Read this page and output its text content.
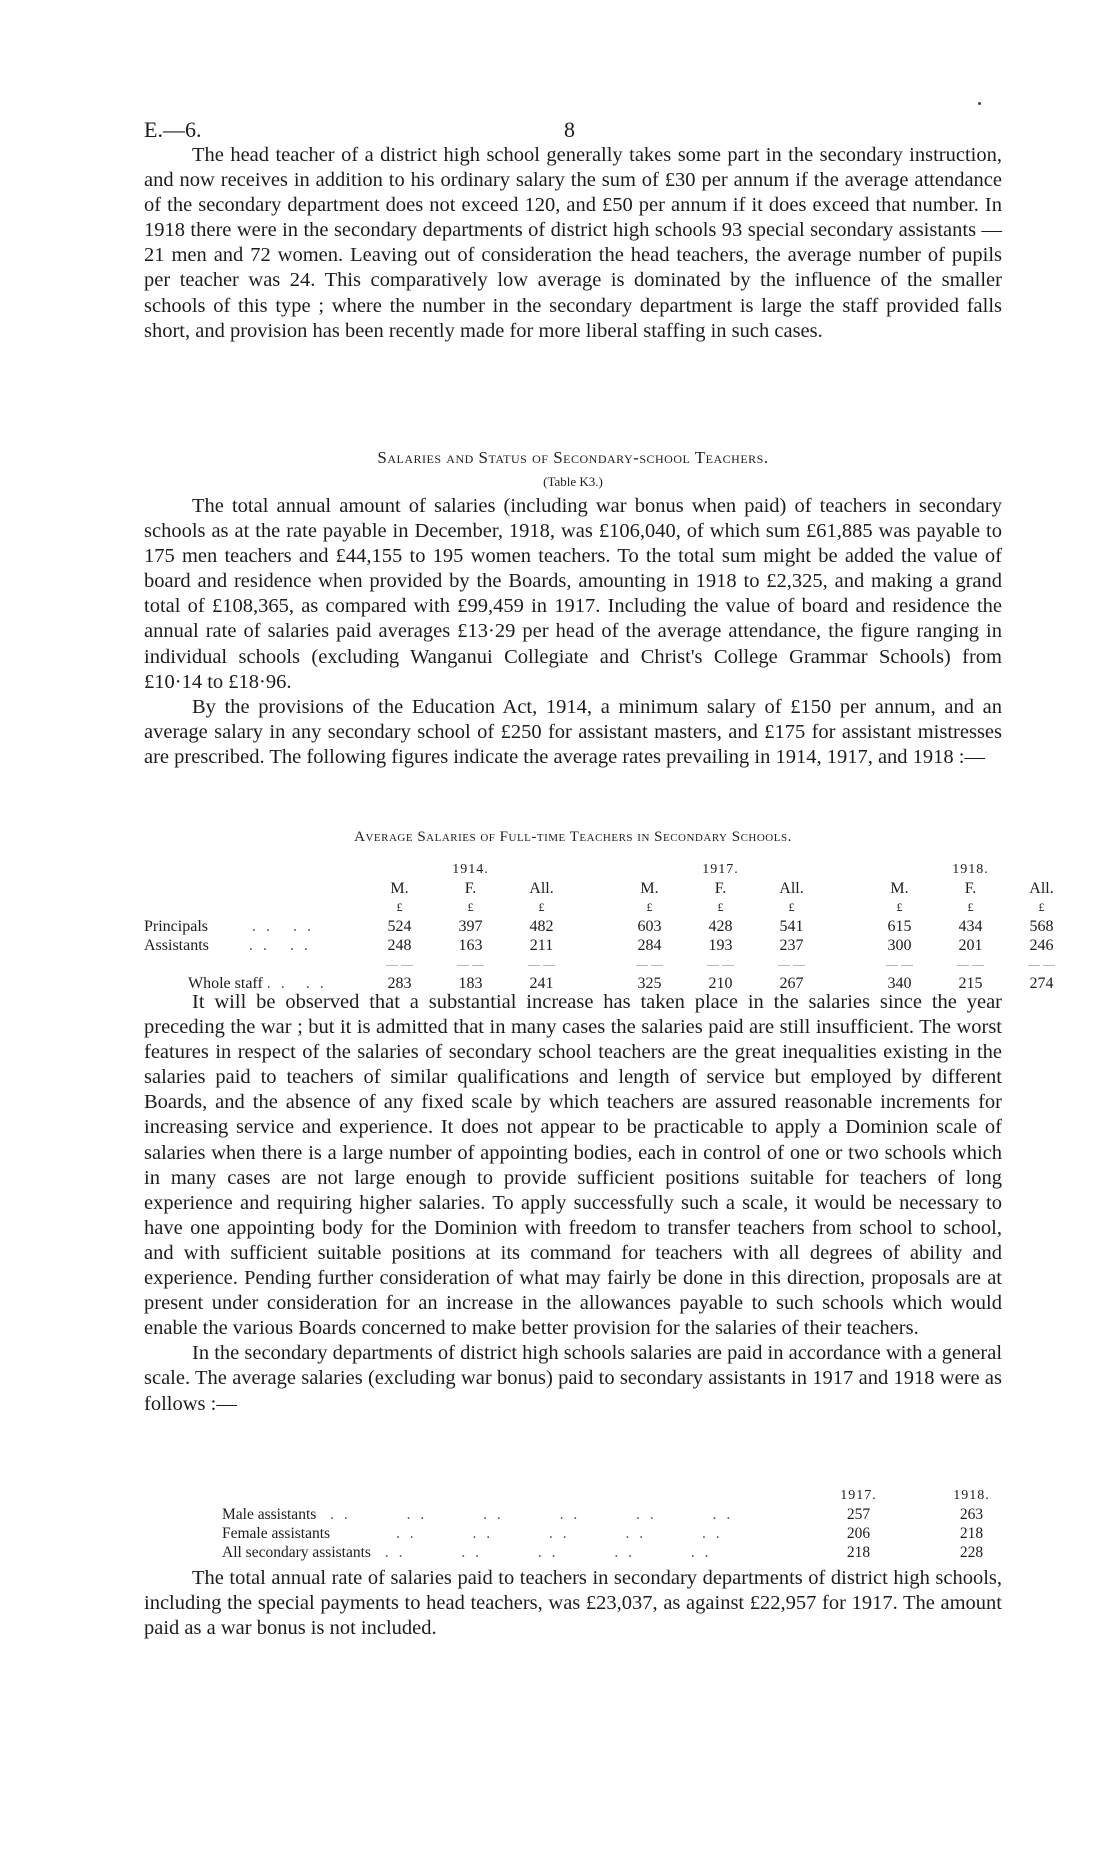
E.—6.	8

The head teacher of a district high school generally takes some part in the secondary instruction, and now receives in addition to his ordinary salary the sum of £30 per annum if the average attendance of the secondary department does not exceed 120, and £50 per annum if it does exceed that number. In 1918 there were in the secondary departments of district high schools 93 special secondary assistants —21 men and 72 women. Leaving out of consideration the head teachers, the average number of pupils per teacher was 24. This comparatively low average is dominated by the influence of the smaller schools of this type ; where the number in the secondary department is large the staff provided falls short, and provision has been recently made for more liberal staffing in such cases.

Salaries and Status of Secondary-school Teachers.
(Table K3.)

The total annual amount of salaries (including war bonus when paid) of teachers in secondary schools as at the rate payable in December, 1918, was £106,040, of which sum £61,885 was payable to 175 men teachers and £44,155 to 195 women teachers. To the total sum might be added the value of board and residence when provided by the Boards, amounting in 1918 to £2,325, and making a grand total of £108,365, as compared with £99,459 in 1917. Including the value of board and residence the annual rate of salaries paid averages £13·29 per head of the average attendance, the figure ranging in individual schools (excluding Wanganui Collegiate and Christ's College Grammar Schools) from £10·14 to £18·96.

By the provisions of the Education Act, 1914, a minimum salary of £150 per annum, and an average salary in any secondary school of £250 for assistant masters, and £175 for assistant mistresses are prescribed. The following figures indicate the average rates prevailing in 1914, 1917, and 1918 :—

Average Salaries of Full-time Teachers in Secondary Schools.
	1914.				1917.				1918.		
	M.	F.	All.		M.	F.	All.		M.	F.	All.
	£	£	£		£	£	£		£	£	£
Principals . . . .	524	397	482		603	428	541		615	434	568
Assistants . . . .	248	163	211		284	193	237		300	201	246
	— —	— —	— —		— —	— —	— —		— —	— —	— —
Whole staff . . . .	283	183	241		325	210	267		340	215	274

It will be observed that a substantial increase has taken place in the salaries since the year preceding the war ; but it is admitted that in many cases the salaries paid are still insufficient. The worst features in respect of the salaries of secondary school teachers are the great inequalities existing in the salaries paid to teachers of similar qualifications and length of service but employed by different Boards, and the absence of any fixed scale by which teachers are assured reasonable increments for increasing service and experience. It does not appear to be practicable to apply a Dominion scale of salaries when there is a large number of appointing bodies, each in control of one or two schools which in many cases are not large enough to provide sufficient positions suitable for teachers of long experience and requiring higher salaries. To apply successfully such a scale, it would be necessary to have one appointing body for the Dominion with freedom to transfer teachers from school to school, and with sufficient suitable positions at its command for teachers with all degrees of ability and experience. Pending further consideration of what may fairly be done in this direction, proposals are at present under consideration for an increase in the allowances payable to such schools which would enable the various Boards concerned to make better provision for the salaries of their teachers.

In the secondary departments of district high schools salaries are paid in accordance with a general scale. The average salaries (excluding war bonus) paid to secondary assistants in 1917 and 1918 were as follows :—

	1917.	1918.
Male assistants . . . . . . . . . . . .	257	263
Female assistants . . . . . . . . . .	206	218
All secondary assistants . . . . . . . . . .	218	228

The total annual rate of salaries paid to teachers in secondary departments of district high schools, including the special payments to head teachers, was £23,037, as against £22,957 for 1917. The amount paid as a war bonus is not included.
